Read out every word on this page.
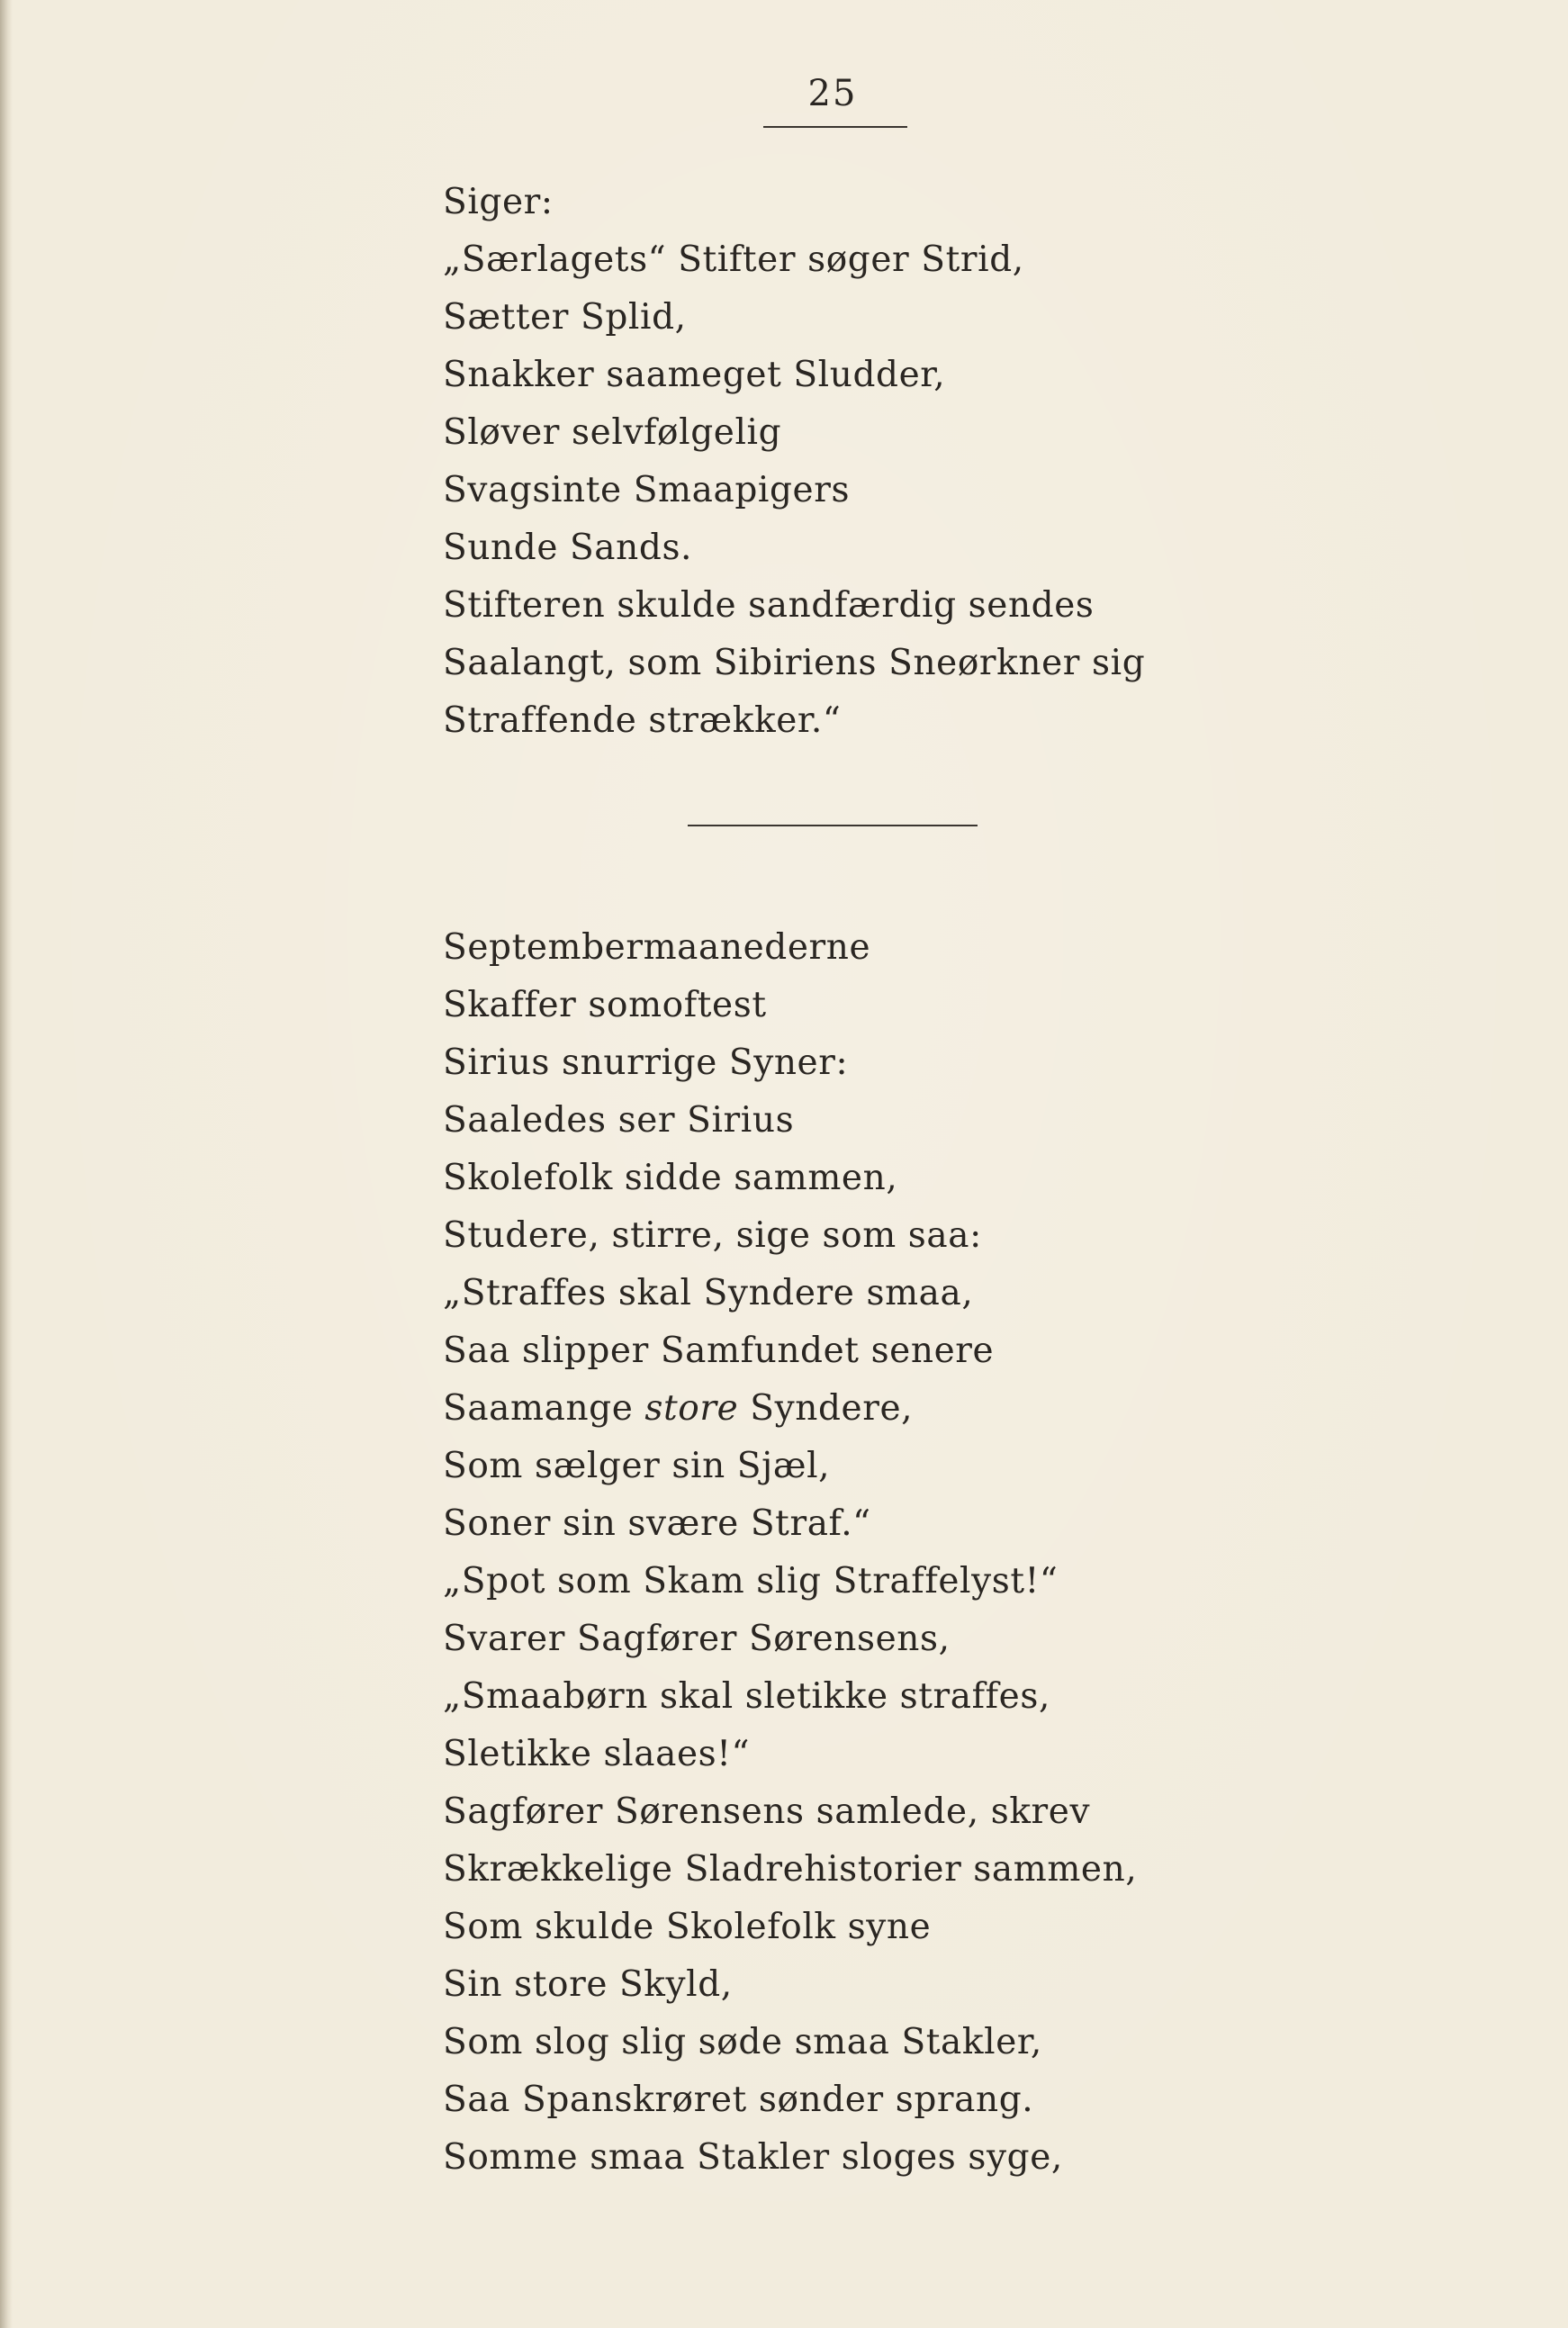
25
Siger:
„Særlagets“ Stifter søger Strid,
Sætter Splid,
Snakker saameget Sludder,
Sløver selvfølgelig
Svagsinte Smaapigers
Sunde Sands.
Stifteren skulde sandfærdig sendes
Saalangt, som Sibiriens Sneørkner sig
Straffende strækker.“
Septembermaanederne
Skaffer somoftest
Sirius snurrige Syner:
Saaledes ser Sirius
Skolefolk sidde sammen,
Studere, stirre, sige som saa:
„Straffes skal Syndere smaa,
Saa slipper Samfundet senere
Saamange store Syndere,
Som sælger sin Sjæl,
Soner sin svære Straf.“
„Spot som Skam slig Straffelyst!“
Svarer Sagfører Sørensens,
„Smaabørn skal sletikke straffes,
Sletikke slaaes!“
Sagfører Sørensens samlede, skrev
Skrækkelige Sladrehistorier sammen,
Som skulde Skolefolk syne
Sin store Skyld,
Som slog slig søde smaa Stakler,
Saa Spanskrøret sønder sprang.
Somme smaa Stakler sloges syge,
